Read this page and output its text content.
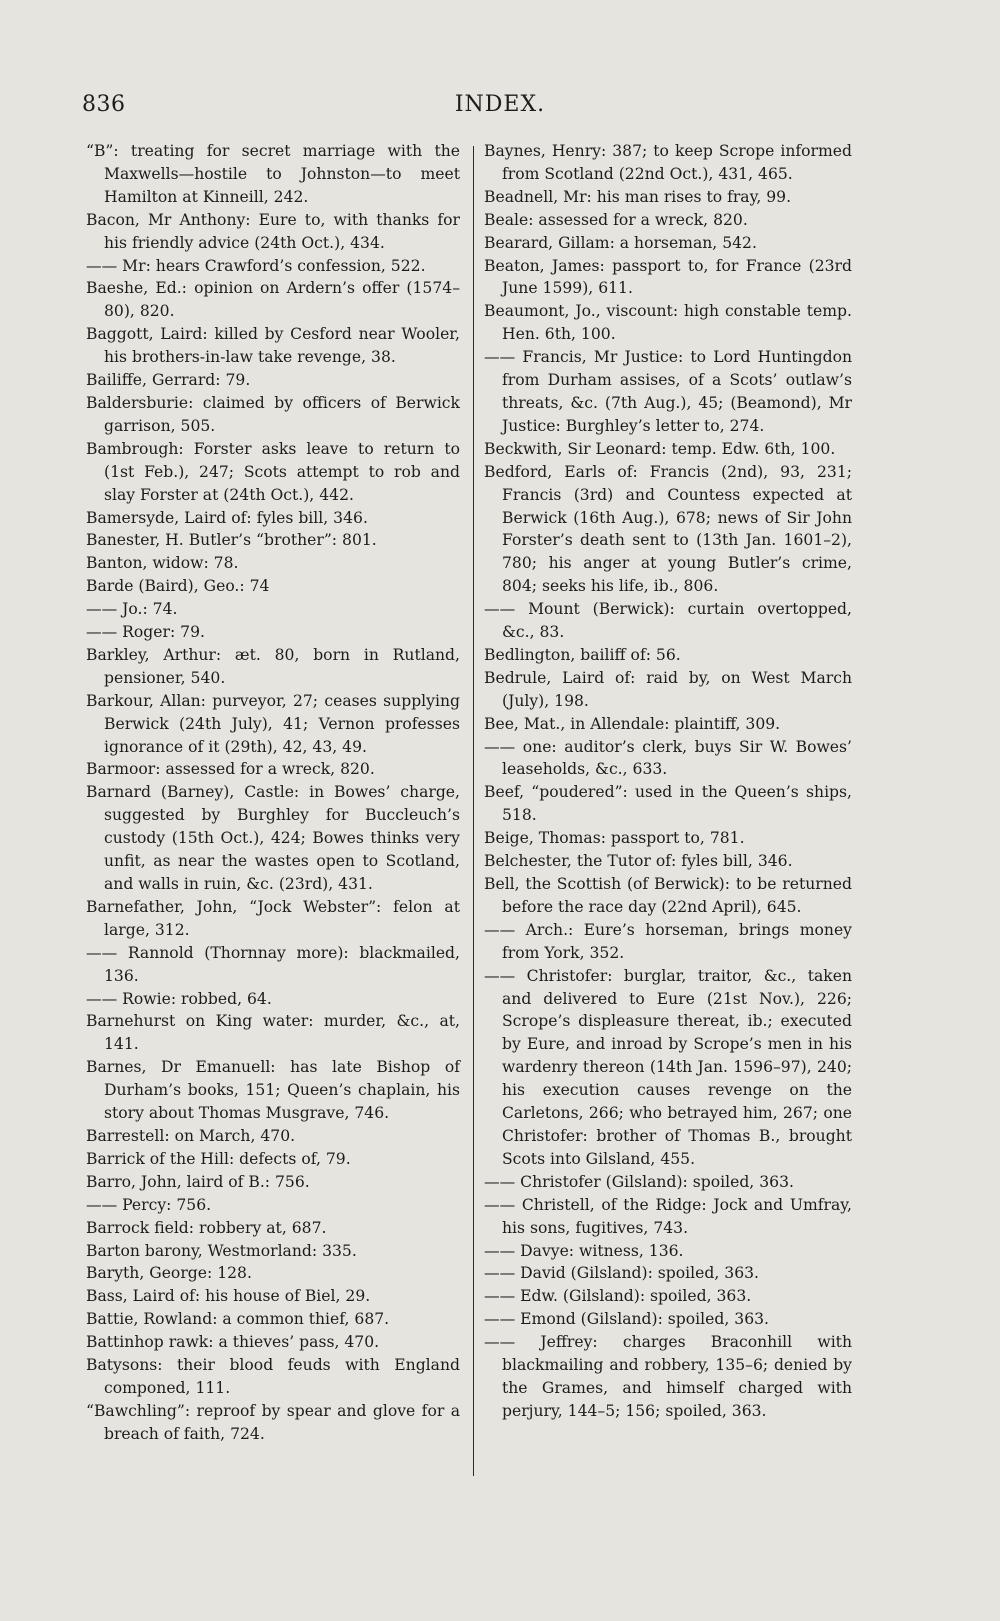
836	INDEX.

“B”: treating for secret marriage with the Maxwells—hostile to Johnston—to meet Hamilton at Kinneill, 242.

Bacon, Mr Anthony: Eure to, with thanks for his friendly advice (24th Oct.), 434.

—— Mr: hears Crawford’s confession, 522.

Baeshe, Ed.: opinion on Ardern’s offer (1574–80), 820.

Baggott, Laird: killed by Cesford near Wooler, his brothers-in-law take revenge, 38.

Bailiffe, Gerrard: 79.

Baldersburie: claimed by officers of Berwick garrison, 505.

Bambrough: Forster asks leave to return to (1st Feb.), 247; Scots attempt to rob and slay Forster at (24th Oct.), 442.

Bamersyde, Laird of: fyles bill, 346.

Banester, H. Butler’s “brother”: 801.

Banton, widow: 78.

Barde (Baird), Geo.: 74

—— Jo.: 74.

—— Roger: 79.

Barkley, Arthur: æt. 80, born in Rutland, pensioner, 540.

Barkour, Allan: purveyor, 27; ceases supplying Berwick (24th July), 41; Vernon professes ignorance of it (29th), 42, 43, 49.

Barmoor: assessed for a wreck, 820.

Barnard (Barney), Castle: in Bowes’ charge, suggested by Burghley for Buccleuch’s custody (15th Oct.), 424; Bowes thinks very unfit, as near the wastes open to Scotland, and walls in ruin, &c. (23rd), 431.

Barnefather, John, “Jock Webster”: felon at large, 312.

—— Rannold (Thornnay more): blackmailed, 136.

—— Rowie: robbed, 64.

Barnehurst on King water: murder, &c., at, 141.

Barnes, Dr Emanuell: has late Bishop of Durham’s books, 151; Queen’s chaplain, his story about Thomas Musgrave, 746.

Barrestell: on March, 470.

Barrick of the Hill: defects of, 79.

Barro, John, laird of B.: 756.

—— Percy: 756.

Barrock field: robbery at, 687.

Barton barony, Westmorland: 335.

Baryth, George: 128.

Bass, Laird of: his house of Biel, 29.

Battie, Rowland: a common thief, 687.

Battinhop rawk: a thieves’ pass, 470.

Batysons: their blood feuds with England componed, 111.

“Bawchling”: reproof by spear and glove for a breach of faith, 724.

Baynes, Henry: 387; to keep Scrope informed from Scotland (22nd Oct.), 431, 465.

Beadnell, Mr: his man rises to fray, 99.

Beale: assessed for a wreck, 820.

Bearard, Gillam: a horseman, 542.

Beaton, James: passport to, for France (23rd June 1599), 611.

Beaumont, Jo., viscount: high constable temp. Hen. 6th, 100.

—— Francis, Mr Justice: to Lord Huntingdon from Durham assises, of a Scots’ outlaw’s threats, &c. (7th Aug.), 45; (Beamond), Mr Justice: Burghley’s letter to, 274.

Beckwith, Sir Leonard: temp. Edw. 6th, 100.

Bedford, Earls of: Francis (2nd), 93, 231; Francis (3rd) and Countess expected at Berwick (16th Aug.), 678; news of Sir John Forster’s death sent to (13th Jan. 1601–2), 780; his anger at young Butler’s crime, 804; seeks his life, ib., 806.

—— Mount (Berwick): curtain overtopped, &c., 83.

Bedlington, bailiff of: 56.

Bedrule, Laird of: raid by, on West March (July), 198.

Bee, Mat., in Allendale: plaintiff, 309.

—— one: auditor’s clerk, buys Sir W. Bowes’ leaseholds, &c., 633.

Beef, “poudered”: used in the Queen’s ships, 518.

Beige, Thomas: passport to, 781.

Belchester, the Tutor of: fyles bill, 346.

Bell, the Scottish (of Berwick): to be returned before the race day (22nd April), 645.

—— Arch.: Eure’s horseman, brings money from York, 352.

—— Christofer: burglar, traitor, &c., taken and delivered to Eure (21st Nov.), 226; Scrope’s displeasure thereat, ib.; executed by Eure, and inroad by Scrope’s men in his wardenry thereon (14th Jan. 1596–97), 240; his execution causes revenge on the Carletons, 266; who betrayed him, 267; one Christofer: brother of Thomas B., brought Scots into Gilsland, 455.

—— Christofer (Gilsland): spoiled, 363.

—— Christell, of the Ridge: Jock and Umfray, his sons, fugitives, 743.

—— Davye: witness, 136.

—— David (Gilsland): spoiled, 363.

—— Edw. (Gilsland): spoiled, 363.

—— Emond (Gilsland): spoiled, 363.

—— Jeffrey: charges Braconhill with blackmailing and robbery, 135–6; denied by the Grames, and himself charged with perjury, 144–5; 156; spoiled, 363.
